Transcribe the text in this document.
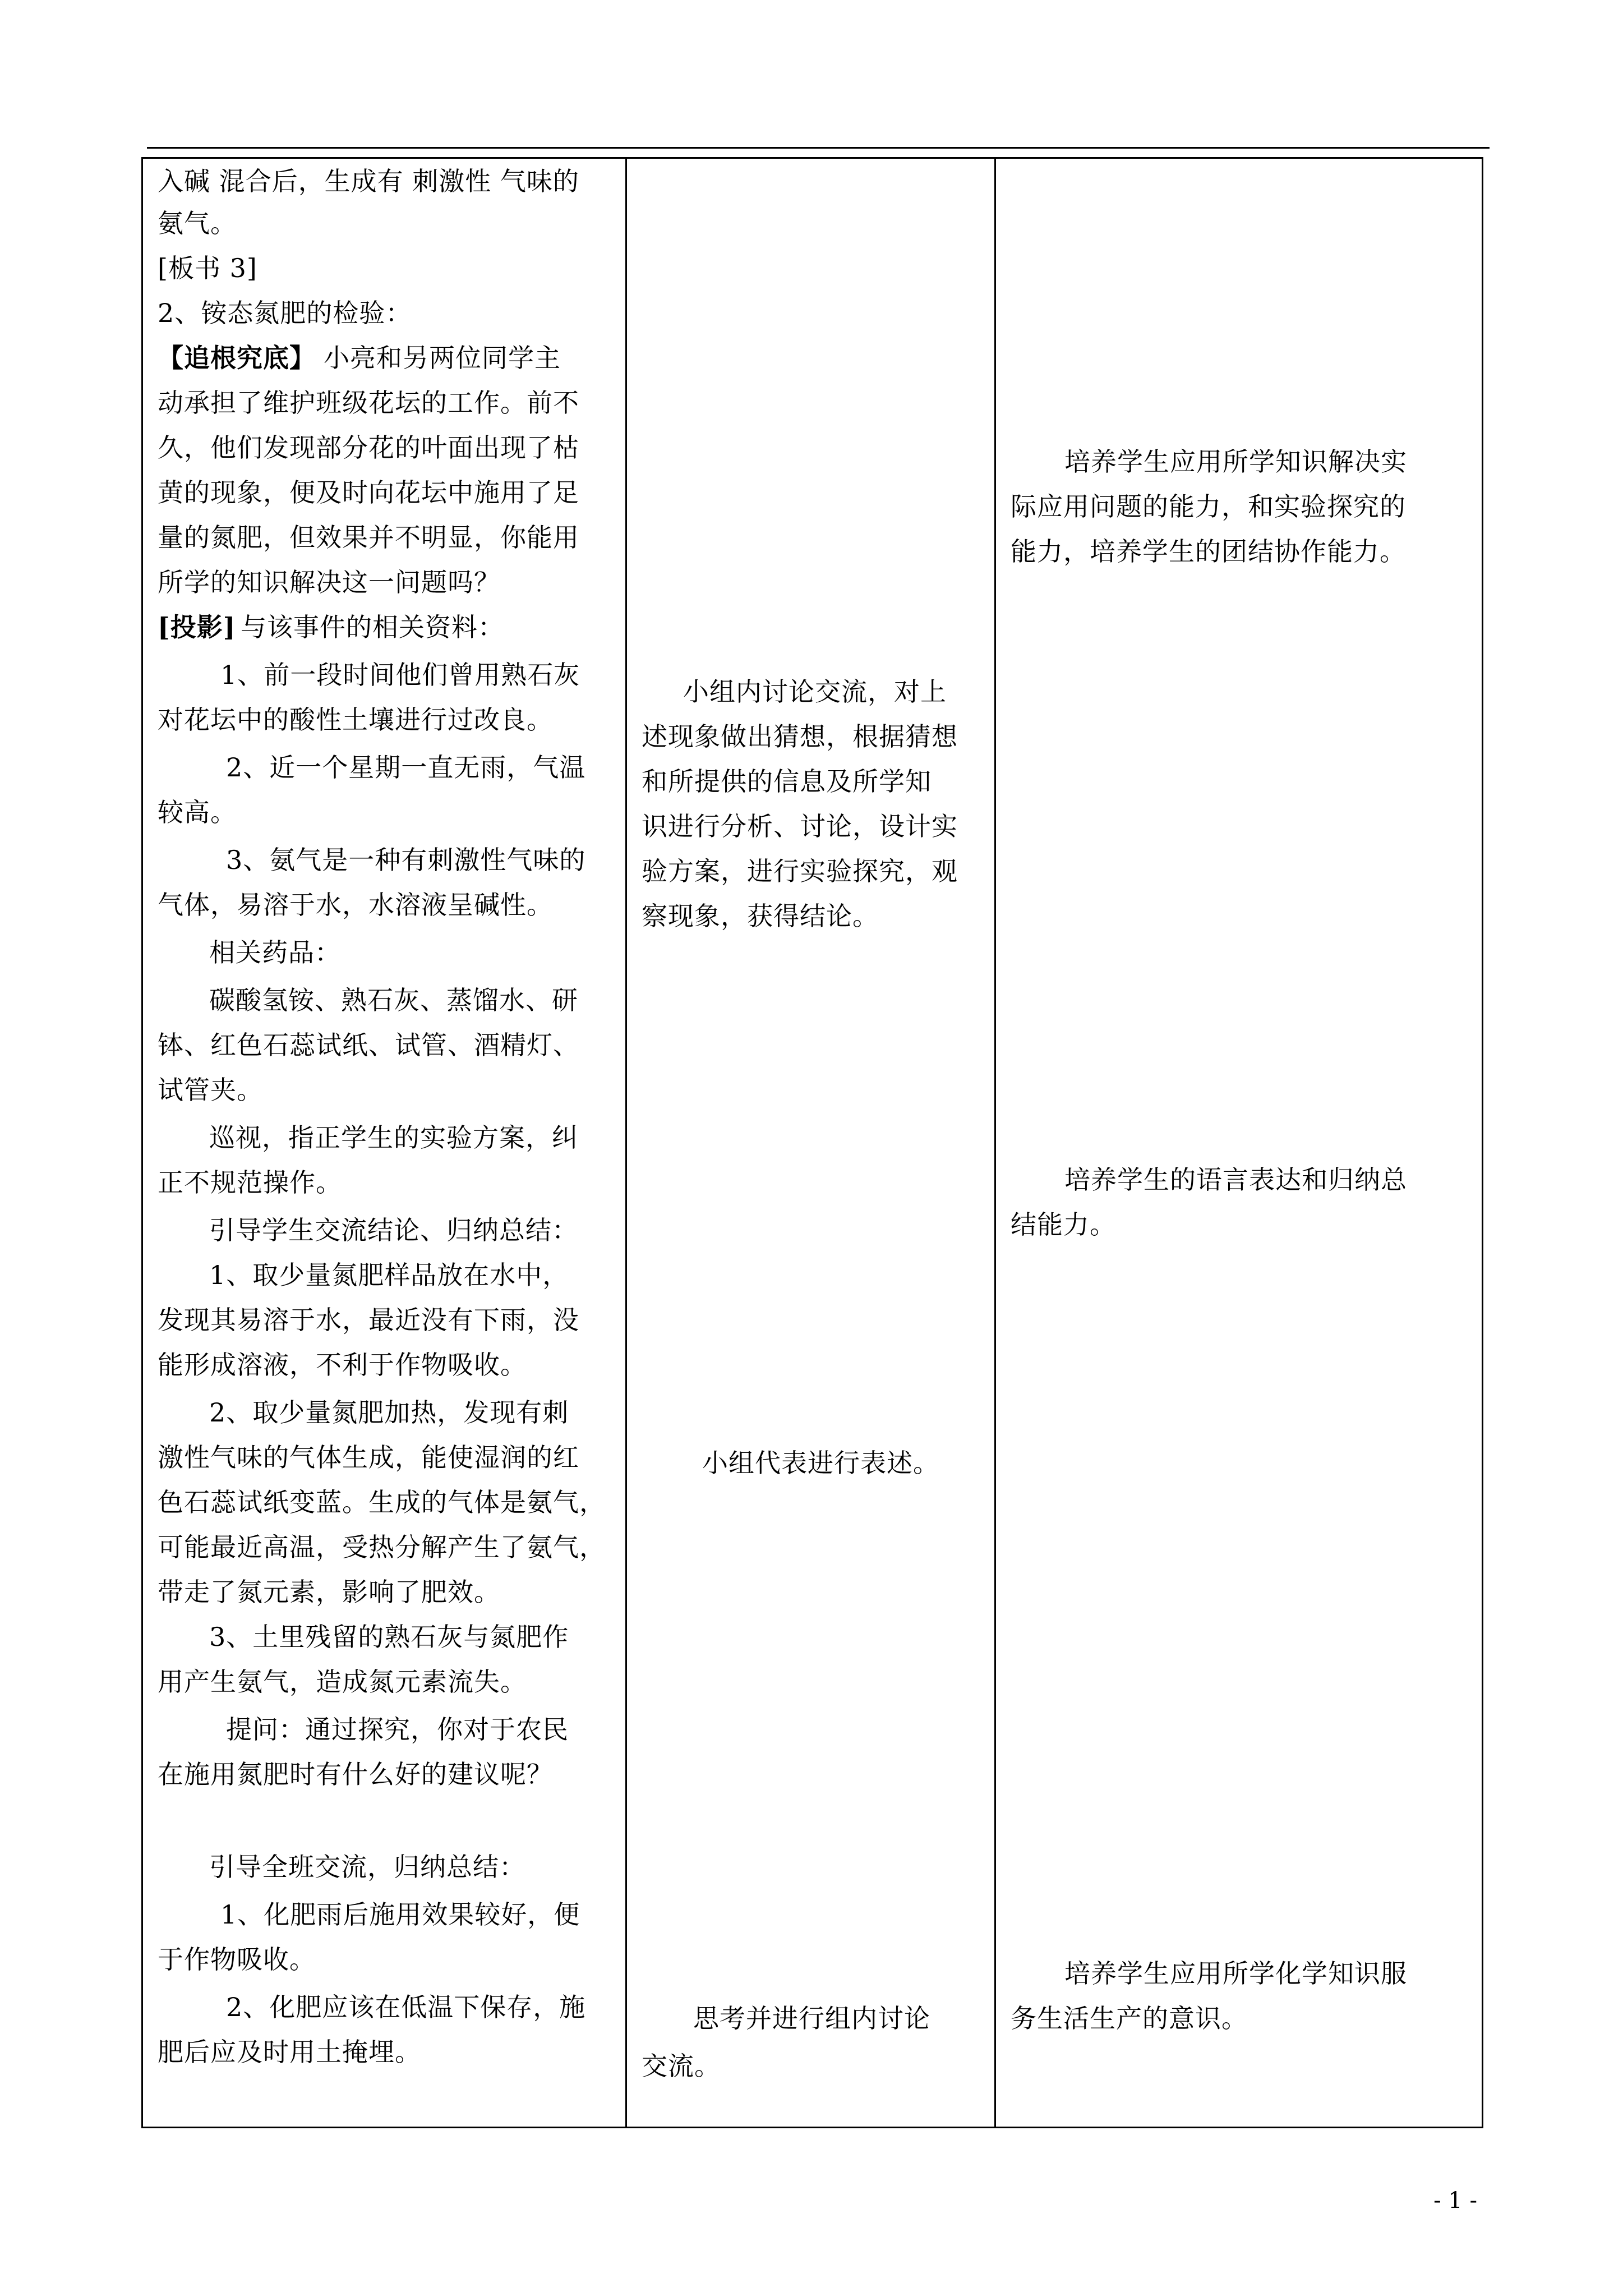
入碱 混合后，生成有 刺激性 气味的
氨气。
[板书 3]
2、铵态氮肥的检验：
【追根究底】 小亮和另两位同学主
动承担了维护班级花坛的工作。前不
久，他们发现部分花的叶面出现了枯
黄的现象，便及时向花坛中施用了足
量的氮肥，但效果并不明显，你能用
所学的知识解决这一问题吗？
[投影] 与该事件的相关资料：
1、前一段时间他们曾用熟石灰
对花坛中的酸性土壤进行过改良。
2、近一个星期一直无雨，气温
较高。
3、氨气是一种有刺激性气味的
气体，易溶于水，水溶液呈碱性。
相关药品：
碳酸氢铵、熟石灰、蒸馏水、研
钵、红色石蕊试纸、试管、酒精灯、
试管夹。
巡视，指正学生的实验方案，纠
正不规范操作。
引导学生交流结论、归纳总结：
1、取少量氮肥样品放在水中，
发现其易溶于水，最近没有下雨，没
能形成溶液，不利于作物吸收。
2、取少量氮肥加热，发现有刺
激性气味的气体生成，能使湿润的红
色石蕊试纸变蓝。生成的气体是氨气，
可能最近高温，受热分解产生了氨气，
带走了氮元素，影响了肥效。
3、土里残留的熟石灰与氮肥作
用产生氨气，造成氮元素流失。
提问：通过探究，你对于农民
在施用氮肥时有什么好的建议呢？
引导全班交流，归纳总结：
1、化肥雨后施用效果较好，便
于作物吸收。
2、化肥应该在低温下保存，施
肥后应及时用土掩埋。

小组内讨论交流，对上
述现象做出猜想，根据猜想
和所提供的信息及所学知
识进行分析、讨论，设计实
验方案，进行实验探究，观
察现象，获得结论。
小组代表进行表述。
思考并进行组内讨论
交流。

培养学生应用所学知识解决实
际应用问题的能力，和实验探究的
能力，培养学生的团结协作能力。
培养学生的语言表达和归纳总
结能力。
培养学生应用所学化学知识服
务生活生产的意识。
- 1 -
